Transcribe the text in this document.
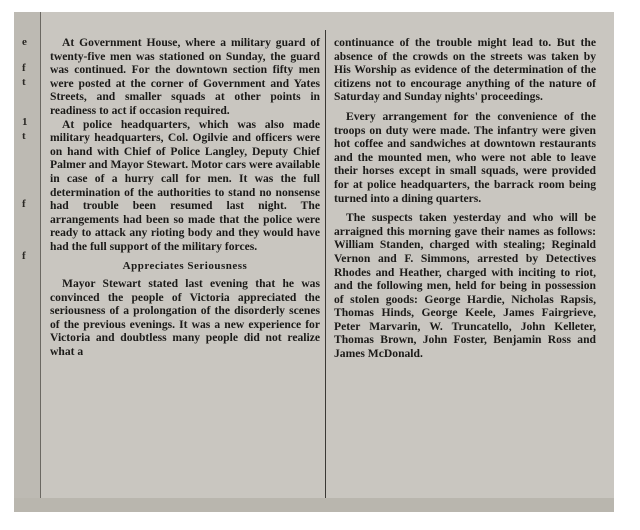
e
f
t
1
t
f
f

At Government House, where a military guard of twenty-five men was stationed on Sunday, the guard was continued. For the downtown section fifty men were posted at the corner of Government and Yates Streets, and smaller squads at other points in readiness to act if occasion required.

At police headquarters, which was also made military headquarters, Col. Ogilvie and officers were on hand with Chief of Police Langley, Deputy Chief Palmer and Mayor Stewart. Motor cars were available in case of a hurry call for men. It was the full determination of the authorities to stand no nonsense had trouble been resumed last night. The arrangements had been so made that the police were ready to attack any rioting body and they would have had the full support of the military forces.

Appreciates Seriousness

Mayor Stewart stated last evening that he was convinced the people of Victoria appreciated the seriousness of a prolongation of the disorderly scenes of the previous evenings. It was a new experience for Victoria and doubtless many people did not realize what a

continuance of the trouble might lead to. But the absence of the crowds on the streets was taken by His Worship as evidence of the determination of the citizens not to encourage anything of the nature of Saturday and Sunday nights' proceedings.

Every arrangement for the convenience of the troops on duty were made. The infantry were given hot coffee and sandwiches at downtown restaurants and the mounted men, who were not able to leave their horses except in small squads, were provided for at police headquarters, the barrack room being turned into a dining quarters.

The suspects taken yesterday and who will be arraigned this morning gave their names as follows: William Standen, charged with stealing; Reginald Vernon and F. Simmons, arrested by Detectives Rhodes and Heather, charged with inciting to riot, and the following men, held for being in possession of stolen goods: George Hardie, Nicholas Rapsis, Thomas Hinds, George Keele, James Fairgrieve, Peter Marvarin, W. Truncatello, John Kelleter, Thomas Brown, John Foster, Benjamin Ross and James McDonald.
